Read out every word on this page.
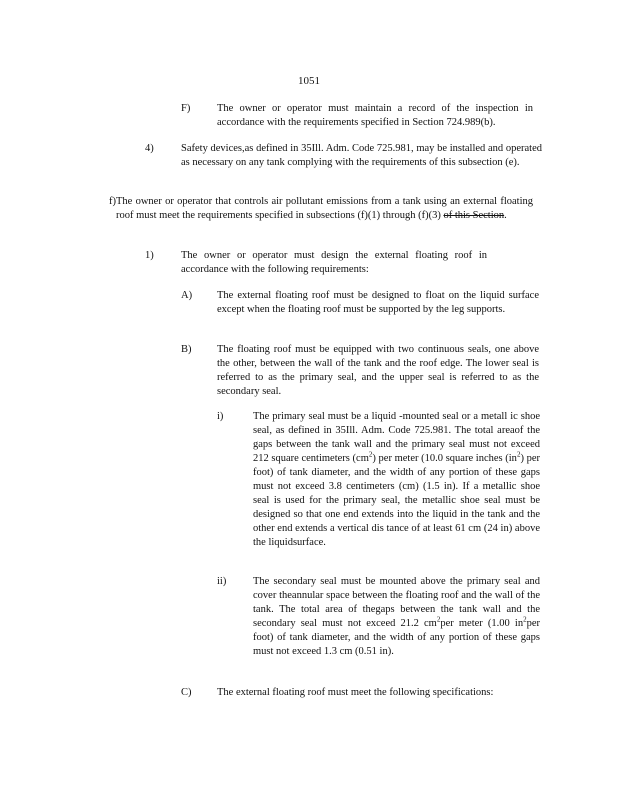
1051
F)	The owner or operator must maintain a record of the inspection in accordance with the requirements specified in Section 724.989(b).
4)	Safety devices,as defined in 35Ill. Adm. Code 725.981, may be installed and operated as necessary on any tank complying with the requirements of this subsection (e).
f) The owner or operator that controls air pollutant emissions from a tank using an external floating roof must meet the requirements specified in subsections (f)(1) through (f)(3) of this Section.
1)	The owner or operator must design the external floating roof in accordance with the following requirements:
A) The external floating roof must be designed to float on the liquid surface except when the floating roof must be supported by the leg supports.
B) The floating roof must be equipped with two continuous seals, one above the other, between the wall of the tank and the roof edge. The lower seal is referred to as the primary seal, and the upper seal is referred to as the secondary seal.
i)	The primary seal must be a liquid -mounted seal or a metall ic shoe seal, as defined in 35Ill. Adm. Code 725.981. The total areaof the gaps between the tank wall and the primary seal must not exceed 212 square centimeters $(cm^2)$ per meter (10.0 square inches $(in^2)$ per foot) of tank diameter, and the width of any portion of these gaps must not exceed 3.8 centimeters (cm) (1.5 in). If a metallic shoe seal is used for the primary seal, the metallic shoe seal must be designed so that one end extends into the liquid in the tank and the other end extends a vertical dis tance of at least 61 cm (24 in) above the liquidsurface.
ii)	The secondary seal must be mounted above the primary seal and cover theannular space between the floating roof and the wall of the tank. The total area of thegaps between the tank wall and the secondary seal must not exceed 21.2 $cm^2per$ meter (1.00 $in^2per$ foot) of tank diameter, and the width of any portion of these gaps must not exceed 1.3 cm (0.51 in).
C) The external floating roof must meet the following specifications:
